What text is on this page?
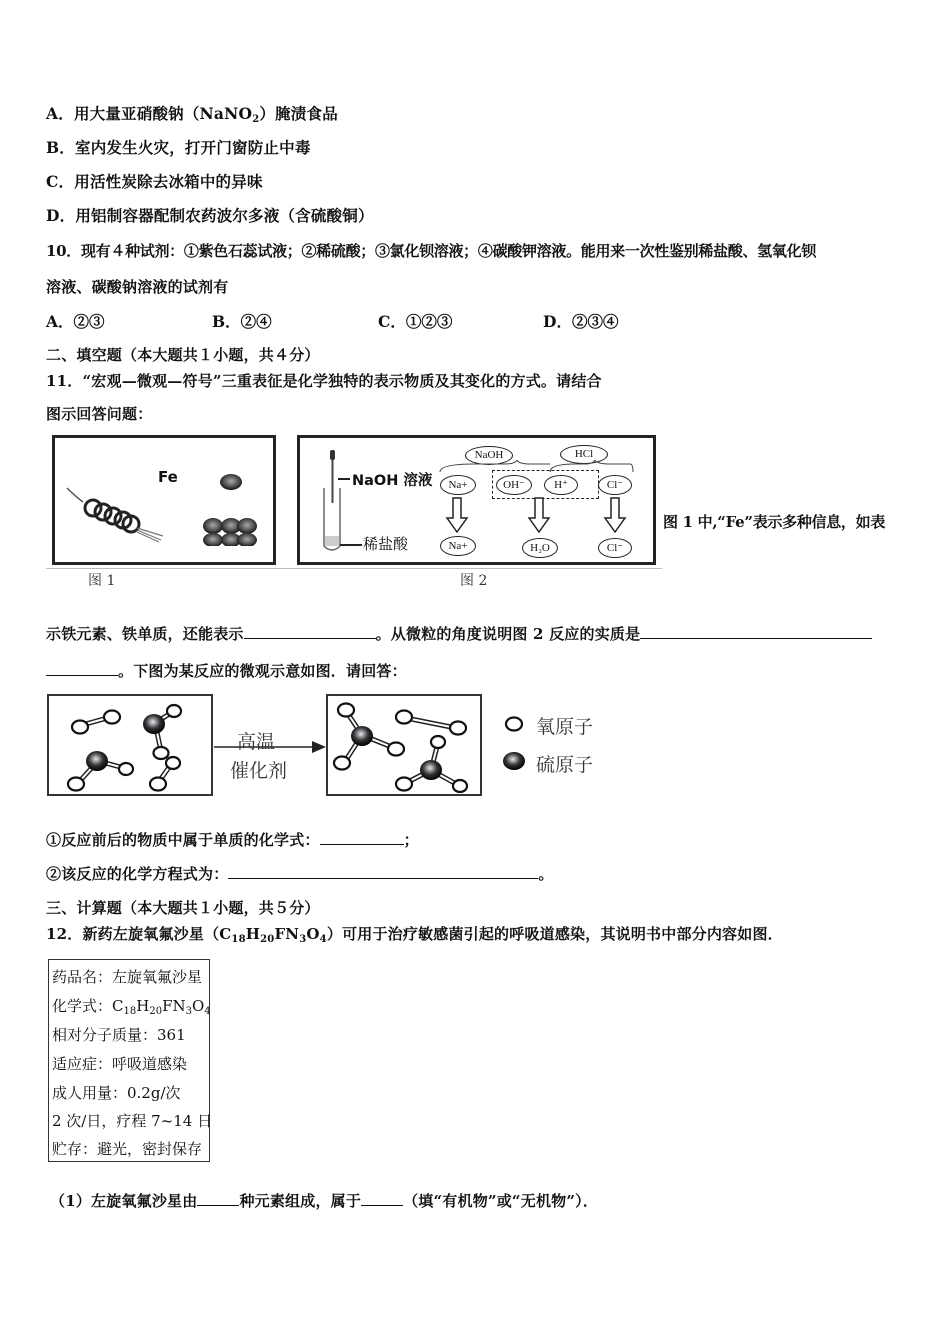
A．用大量亚硝酸钠（NaNO$_2$）腌渍食品
B．室内发生火灾，打开门窗防止中毒
C．用活性炭除去冰箱中的异味
D．用铝制容器配制农药波尔多液（含硫酸铜）
10．现有４种试剂：①紫色石蕊试液；②稀硫酸；③氯化钡溶液；④碳酸钾溶液。能用来一次性鉴别稀盐酸、氢氧化钡
溶液、碳酸钠溶液的试剂有
A．②③	B．②④	C．①②③	D．②③④
二、填空题（本大题共１小题，共４分）
11．“宏观—微观—符号”三重表征是化学独特的表示物质及其变化的方式。请结合
图示回答问题：
Fe
图 1
NaOH 溶液
稀盐酸
NaOH	HCl
Na+	OH⁻	H⁺	Cl⁻
Na+	H₂O	Cl⁻
图 2
图 1 中,“Fe”表示多种信息，如表
示铁元素、铁单质，还能表示	。从微粒的角度说明图 2 反应的实质是
。下图为某反应的微观示意如图．请回答：
高温
催化剂
氧原子
硫原子
①反应前后的物质中属于单质的化学式：	；
②该反应的化学方程式为：	。
三、计算题（本大题共１小题，共５分）
12．新药左旋氧氟沙星$(C_{18}H_{20}FN_3O_4)$可用于治疗敏感菌引起的呼吸道感染，其说明书中部分内容如图．
药品名：左旋氧氟沙星
化学式：$C_{18}H_{20}FN_3O_4$
相对分子质量：361
适应症：呼吸道感染
成人用量：0.2g/次
2 次/日，疗程 7~14 日
贮存：避光，密封保存
（1）左旋氧氟沙星由	种元素组成，属于	（填“有机物”或“无机物”）．
